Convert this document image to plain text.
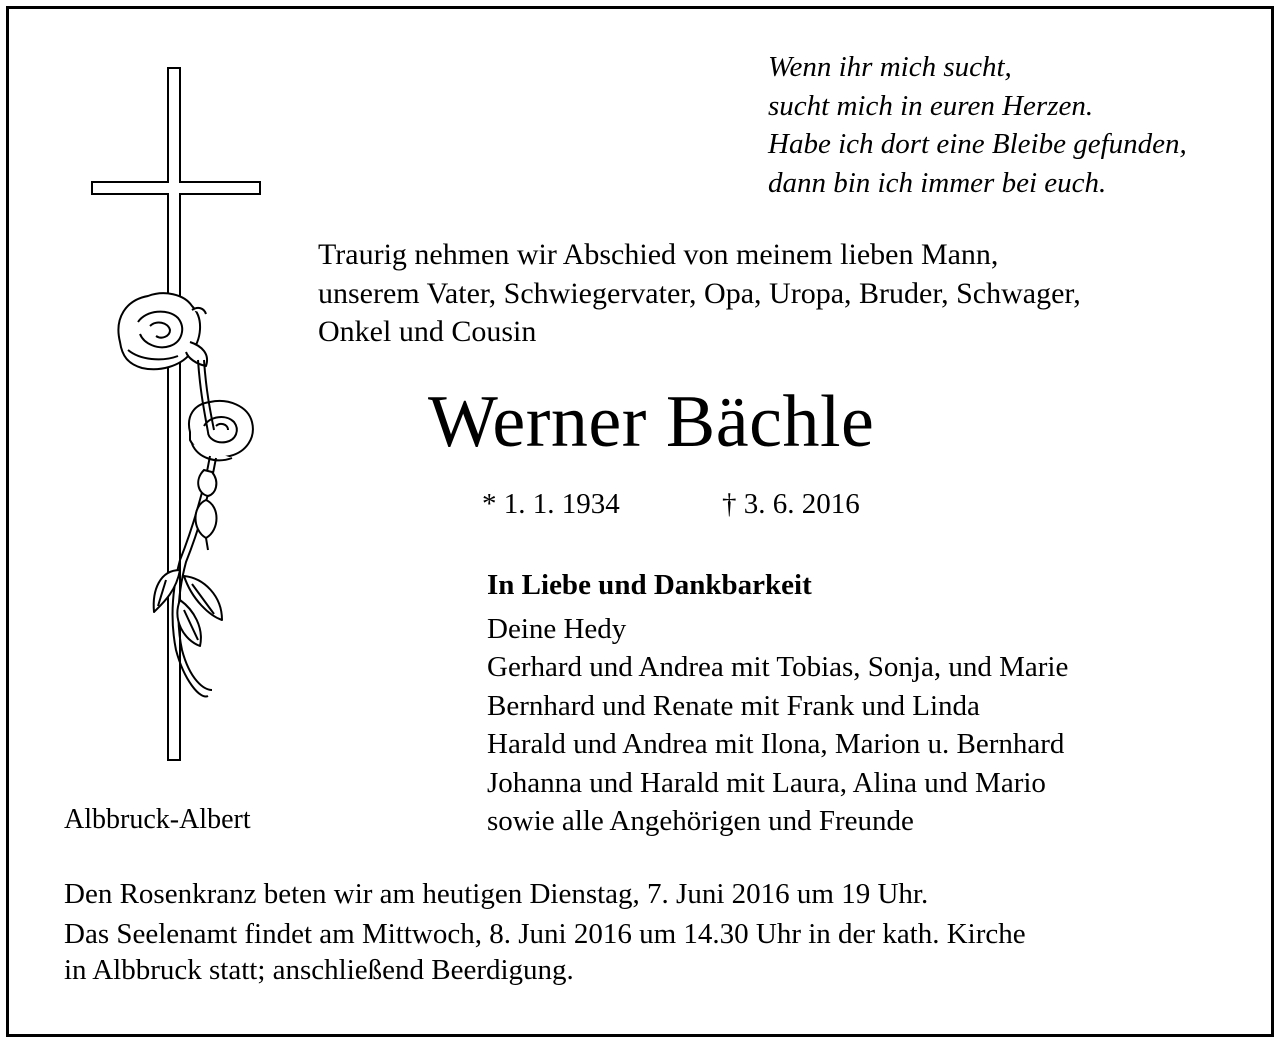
Wenn ihr mich sucht,
sucht mich in euren Herzen.
Habe ich dort eine Bleibe gefunden,
dann bin ich immer bei euch.
Traurig nehmen wir Abschied von meinem lieben Mann,
unserem Vater, Schwiegervater, Opa, Uropa, Bruder, Schwager,
Onkel und Cousin
Werner Bächle
* 1. 1. 1934	† 3. 6. 2016
In Liebe und Dankbarkeit
Deine Hedy
Gerhard und Andrea mit Tobias, Sonja, und Marie
Bernhard und Renate mit Frank und Linda
Harald und Andrea mit Ilona, Marion u. Bernhard
Johanna und Harald mit Laura, Alina und Mario
sowie alle Angehörigen und Freunde
Albbruck-Albert
Den Rosenkranz beten wir am heutigen Dienstag, 7. Juni 2016 um 19 Uhr.
Das Seelenamt findet am Mittwoch, 8. Juni 2016 um 14.30 Uhr in der kath. Kirche
in Albbruck statt; anschließend Beerdigung.
